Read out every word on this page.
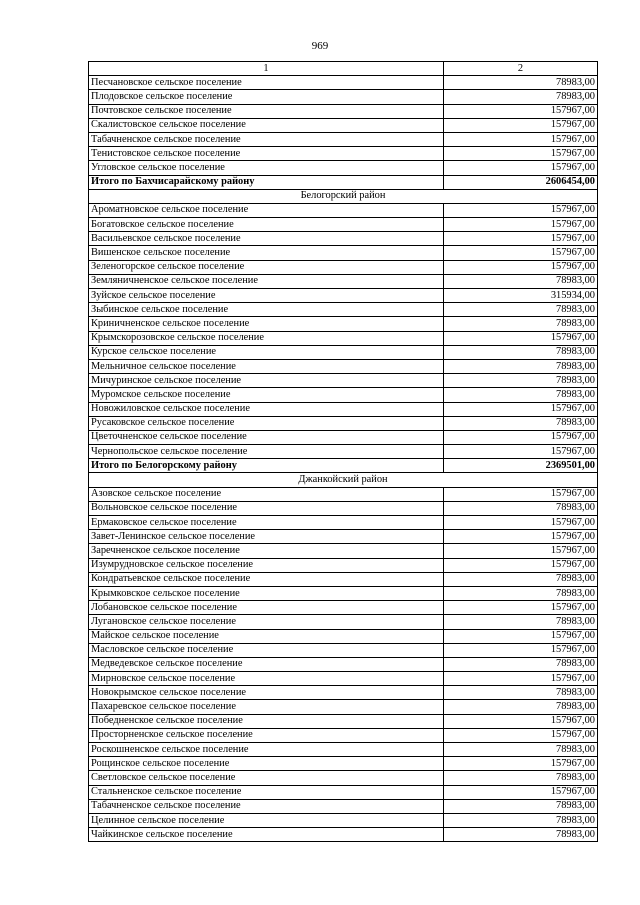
969
1	2
Песчановское сельское поселение	78983,00
Плодовское сельское поселение	78983,00
Почтовское сельское поселение	157967,00
Скалистовское сельское поселение	157967,00
Табачненское сельское поселение	157967,00
Тенистовское сельское поселение	157967,00
Угловское сельское поселение	157967,00
Итого по Бахчисарайскому району	2606454,00
Белогорский район	
Ароматновское сельское поселение	157967,00
Богатовское сельское поселение	157967,00
Васильевское сельское поселение	157967,00
Вишенское сельское поселение	157967,00
Зеленогорское сельское поселение	157967,00
Земляничненское сельское поселение	78983,00
Зуйское сельское поселение	315934,00
Зыбинское сельское поселение	78983,00
Криничненское сельское поселение	78983,00
Крымскорозовское сельское поселение	157967,00
Курское сельское поселение	78983,00
Мельничное сельское поселение	78983,00
Мичуринское сельское поселение	78983,00
Муромское сельское поселение	78983,00
Новожиловское сельское поселение	157967,00
Русаковское сельское поселение	78983,00
Цветочненское сельское поселение	157967,00
Чернопольское сельское поселение	157967,00
Итого по Белогорскому району	2369501,00
Джанкойский район	
Азовское сельское поселение	157967,00
Вольновское сельское поселение	78983,00
Ермаковское сельское поселение	157967,00
Завет-Ленинское сельское поселение	157967,00
Заречненское сельское поселение	157967,00
Изумрудновское сельское поселение	157967,00
Кондратьевское сельское поселение	78983,00
Крымковское сельское поселение	78983,00
Лобановское сельское поселение	157967,00
Лугановское сельское поселение	78983,00
Майское сельское поселение	157967,00
Масловское сельское поселение	157967,00
Медведевское сельское поселение	78983,00
Мирновское сельское поселение	157967,00
Новокрымское сельское поселение	78983,00
Пахаревское сельское поселение	78983,00
Победненское сельское поселение	157967,00
Просторненское сельское поселение	157967,00
Роскошненское сельское поселение	78983,00
Рощинское сельское поселение	157967,00
Светловское сельское поселение	78983,00
Стальненское сельское поселение	157967,00
Табачненское сельское поселение	78983,00
Целинное сельское поселение	78983,00
Чайкинское сельское поселение	78983,00
